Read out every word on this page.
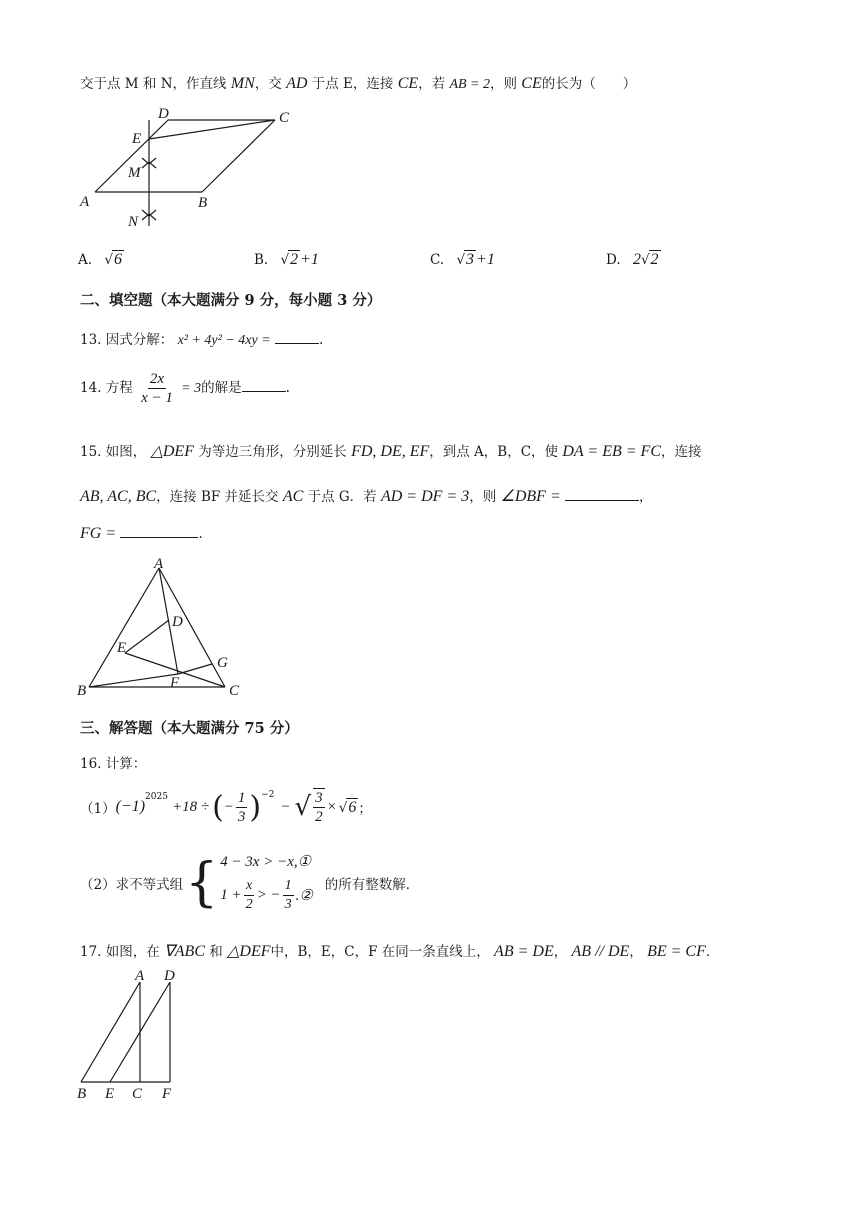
交于点 M 和 N，作直线 MN，交 AD 于点 E，连接 CE，若 AB = 2，则 CE的长为（　　）
D	C
E
M
A	B
N
A. √6	B. √2 +1	C. √3 +1	D. 2√2
二、填空题（本大题满分 9 分，每小题 3 分）
13. 因式分解： x² + 4y² − 4xy =	.
14. 方程 $\frac{2x}{x - 1} = 3$的解是	.
15. 如图， △DEF 为等边三角形，分别延长 FD, DE, EF，到点 A，B，C，使 DA = EB = FC，连接
AB, AC, BC，连接 BF 并延长交 AC 于点 G．若 AD = DF = 3，则 ∠DBF =	，
FG =	.
A
D
E
G
F
B	C
三、解答题（本大题满分 75 分）
16. 计算：
（1） (−1)
$^{2025}$
+18 ÷ ( − $\frac{1}{3} )^{-2}$
− √ $\frac{3}{2} \times √6$ ；
（2）求不等式组 { 4 − 3x > −x,①
$1 + \frac{x}{2}$ > − $\frac{1}{3}$ .②
的所有整数解．
17. 如图，在 ∇ABC 和 △DEF中，B，E，C，F 在同一条直线上， AB = DE， AB // DE， BE = CF．
A D
B E C F
